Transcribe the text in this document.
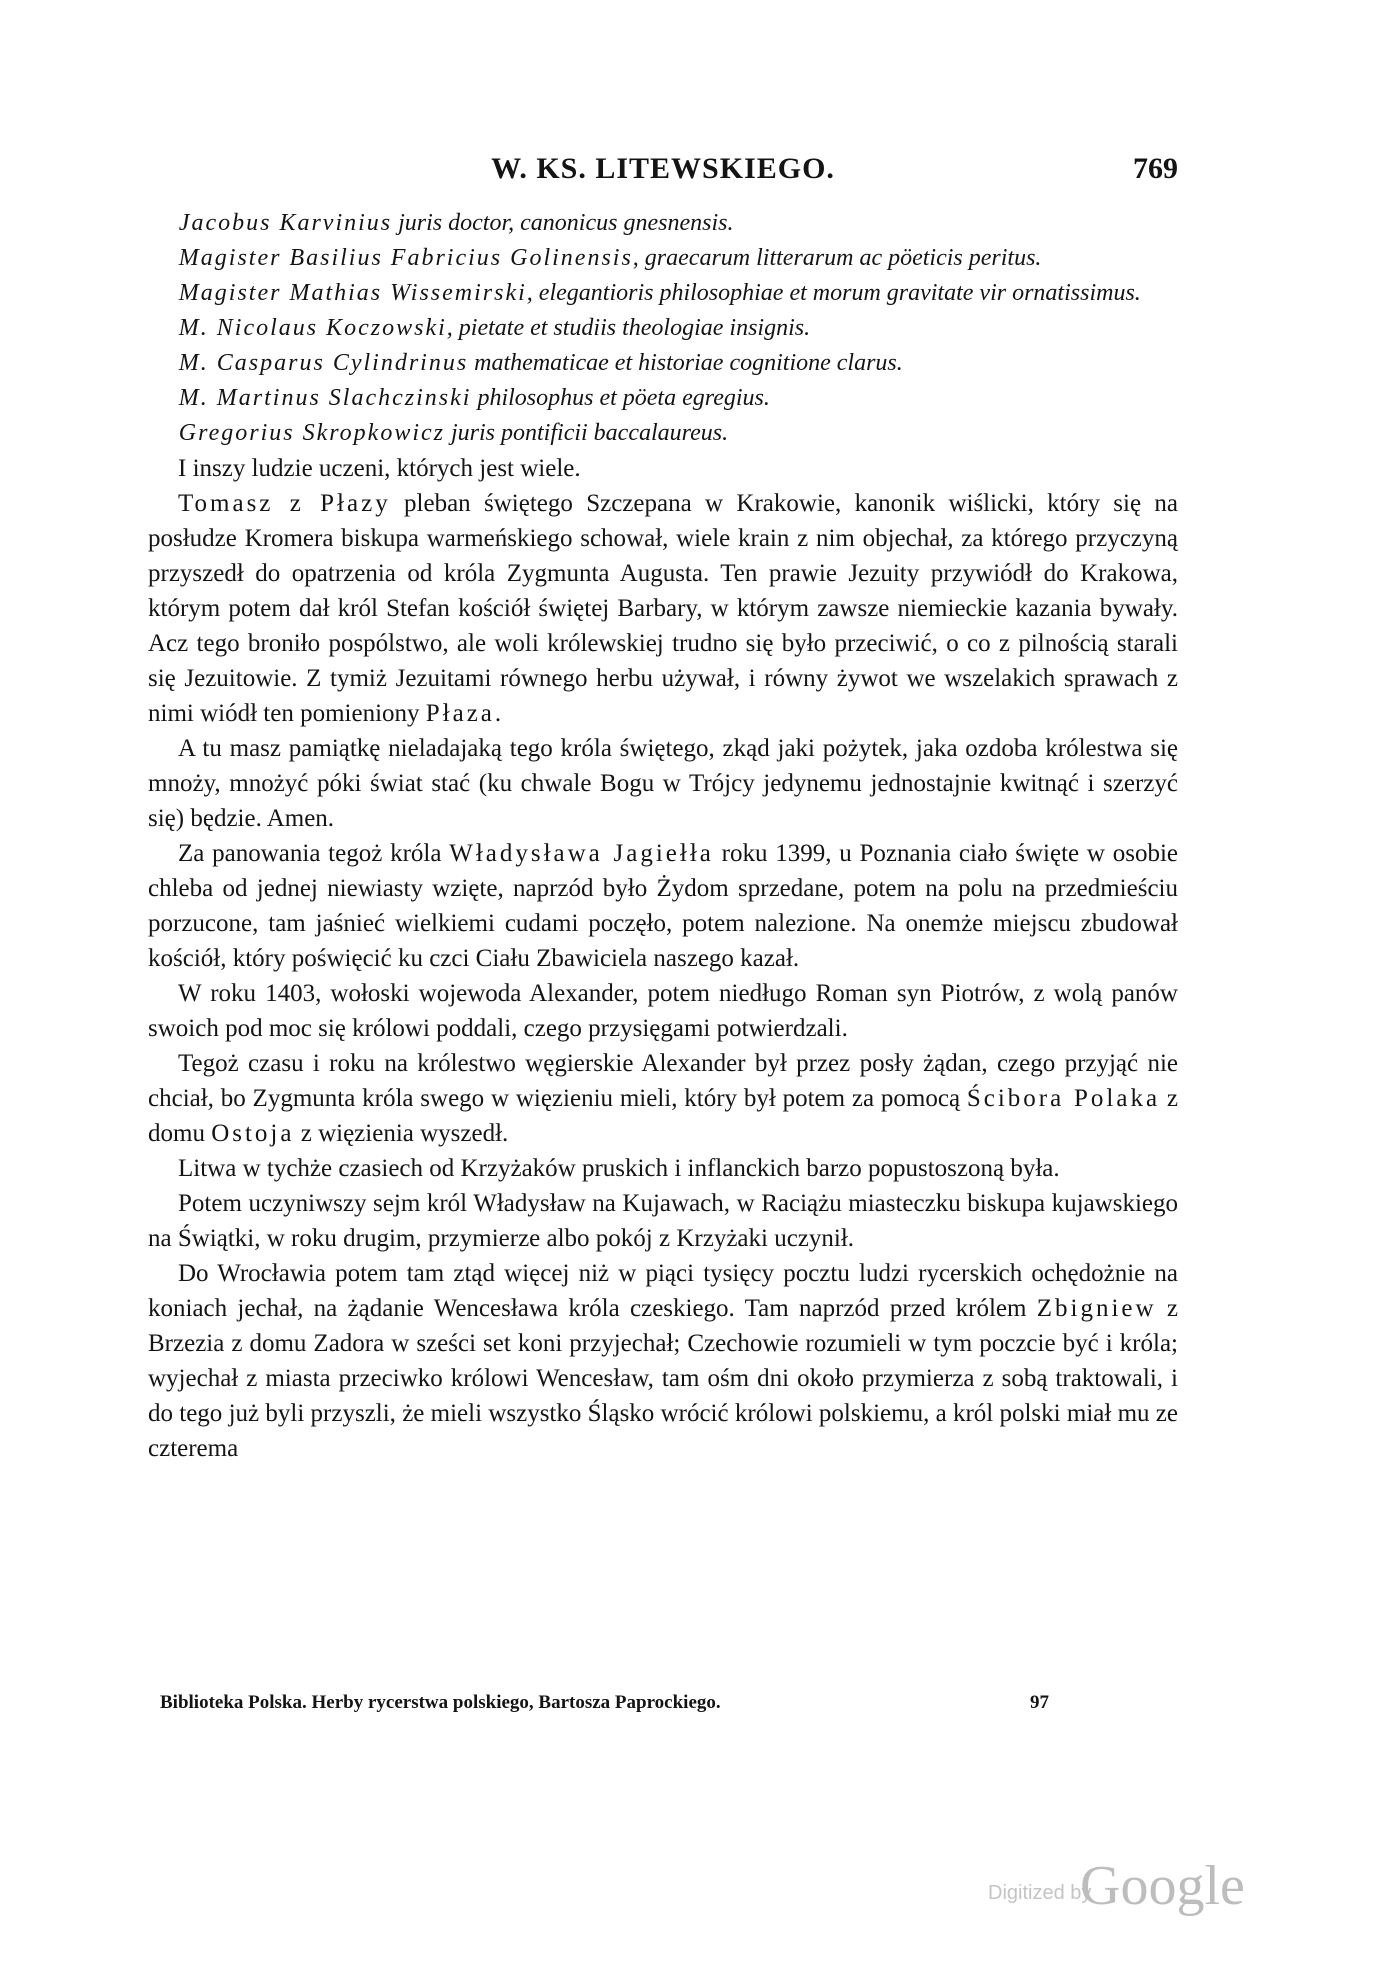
W. KS. LITEWSKIEGO.	769

Jacobus Karvinius juris doctor, canonicus gnesnensis.

Magister Basilius Fabricius Golinensis, graecarum litterarum ac pöeticis peritus.

Magister Mathias Wissemirski, elegantioris philosophiae et morum gravitate vir ornatissimus.

M. Nicolaus Koczowski, pietate et studiis theologiae insignis.

M. Casparus Cylindrinus mathematicae et historiae cognitione clarus.

M. Martinus Slachczinski philosophus et pöeta egregius.

Gregorius Skropkowicz juris pontificii baccalaureus.

I inszy ludzie uczeni, których jest wiele.

Tomasz z Płazy pleban świętego Szczepana w Krakowie, kanonik wiślicki, który się na posłudze Kromera biskupa warmeńskiego schował, wiele krain z nim objechał, za którego przyczyną przyszedł do opatrzenia od króla Zygmunta Augusta. Ten prawie Jezuity przywiódł do Krakowa, którym potem dał król Stefan kościół świętej Barbary, w którym zawsze niemieckie kazania bywały. Acz tego broniło pospólstwo, ale woli królewskiej trudno się było przeciwić, o co z pilnością starali się Jezuitowie. Z tymiż Jezuitami równego herbu używał, i równy żywot we wszelakich sprawach z nimi wiódł ten pomieniony Płaza.

A tu masz pamiątkę nieladajaką tego króla świętego, zkąd jaki pożytek, jaka ozdoba królestwa się mnoży, mnożyć póki świat stać (ku chwale Bogu w Trójcy jedynemu jednostajnie kwitnąć i szerzyć się) będzie. Amen.

Za panowania tegoż króla Władysława Jagiełła roku 1399, u Poznania ciało święte w osobie chleba od jednej niewiasty wzięte, naprzód było Żydom sprzedane, potem na polu na przedmieściu porzucone, tam jaśnieć wielkiemi cudami poczęło, potem nalezione. Na onemże miejscu zbudował kościół, który poświęcić ku czci Ciału Zbawiciela naszego kazał.

W roku 1403, wołoski wojewoda Alexander, potem niedługo Roman syn Piotrów, z wolą panów swoich pod moc się królowi poddali, czego przysięgami potwierdzali.

Tegoż czasu i roku na królestwo węgierskie Alexander był przez posły żądan, czego przyjąć nie chciał, bo Zygmunta króla swego w więzieniu mieli, który był potem za pomocą Ścibora Polaka z domu Ostoja z więzienia wyszedł.

Litwa w tychże czasiech od Krzyżaków pruskich i inflanckich barzo popustoszoną była.

Potem uczyniwszy sejm król Władysław na Kujawach, w Raciążu miasteczku biskupa kujawskiego na Świątki, w roku drugim, przymierze albo pokój z Krzyżaki uczynił.

Do Wrocławia potem tam ztąd więcej niż w piąci tysięcy pocztu ludzi rycerskich ochędożnie na koniach jechał, na żądanie Wencesława króla czeskiego. Tam naprzód przed królem Zbigniew z Brzezia z domu Zadora w sześci set koni przyjechał; Czechowie rozumieli w tym poczcie być i króla; wyjechał z miasta przeciwko królowi Wencesław, tam ośm dni około przymierza z sobą traktowali, i do tego już byli przyszli, że mieli wszystko Śląsko wrócić królowi polskiemu, a król polski miał mu ze czterema

Biblioteka Polska. Herby rycerstwa polskiego, Bartosza Paprockiego.	97
Digitized by
Google
